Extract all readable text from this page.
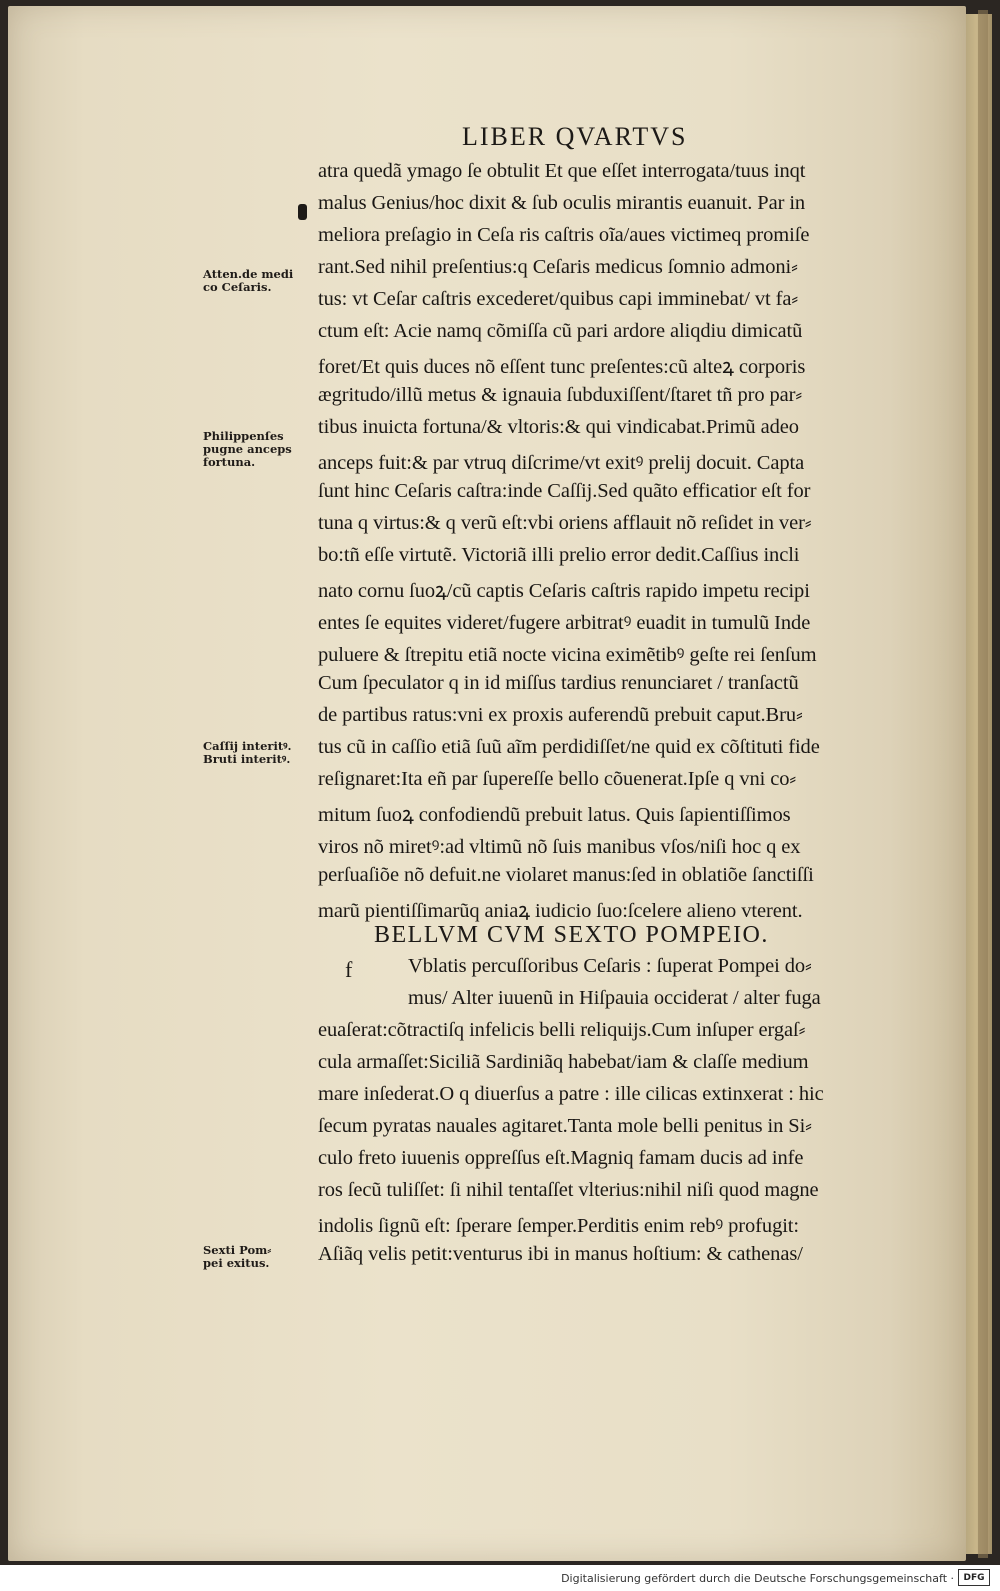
LIBER QVARTVS
atra quedã ymago ſe obtulit Et que eſſet interrogata/tuus inqt
malus Genius/hoc dixit & ſub oculis mirantis euanuit. Par in
meliora preſagio in Ceſa ris caſtris oĩa/aues victimeq promiſe
rant.Sed nihil preſentius:q Ceſaris medicus ſomnio admoni⸗
tus: vt Ceſar caſtris excederet/quibus capi imminebat/ vt fa⸗
ctum eſt: Acie namq cõmiſſa cũ pari ardore aliqdiu dimicatũ
foret/Et quis duces nõ eſſent tunc preſentes:cũ alteꝝ corporis
ægritudo/illũ metus & ignauia ſubduxiſſent/ſtaret tñ pro par⸗
tibus inuicta fortuna/& vltoris:& qui vindicabat.Primũ adeo
anceps fuit:& par vtruq diſcrime/vt exitꝰ prelij docuit. Capta
ſunt hinc Ceſaris caſtra:inde Caſſij.Sed quãto efficatior eſt for
tuna q virtus:& q verũ eſt:vbi oriens afflauit nõ reſidet in ver⸗
bo:tñ eſſe virtutẽ. Victoriã illi prelio error dedit.Caſſius incli
nato cornu ſuoꝝ/cũ captis Ceſaris caſtris rapido impetu recipi
entes ſe equites videret/fugere arbitratꝰ euadit in tumulũ Inde
puluere & ſtrepitu etiã nocte vicina eximẽtibꝰ geſte rei ſenſum
Cum ſpeculator q in id miſſus tardius renunciaret / tranſactũ
de partibus ratus:vni ex proxis auferendũ prebuit caput.Bru⸗
tus cũ in caſſio etiã ſuũ aĩm perdidiſſet/ne quid ex cõſtituti fide
reſignaret:Ita eñ par ſupereſſe bello cõuenerat.Ipſe q vni co⸗
mitum ſuoꝝ confodiendũ prebuit latus. Quis ſapientiſſimos
viros nõ miretꝰ:ad vltimũ nõ ſuis manibus vſos/niſi hoc q ex
perſuaſiõe nõ defuit.ne violaret manus:ſed in oblatiõe ſanctiſſi
marũ pientiſſimarũq aniaꝝ iudicio ſuo:ſcelere alieno vterent.
BELLVM CVM SEXTO POMPEIO.
f	Vblatis percuſſoribus Ceſaris : ſuperat Pompei do⸗
mus/ Alter iuuenũ in Hiſpauia occiderat / alter fuga
euaſerat:cõtractiſq infelicis belli reliquijs.Cum inſuper ergaſ⸗
cula armaſſet:Siciliã Sardiniãq habebat/iam & claſſe medium
mare inſederat.O q diuerſus a patre : ille cilicas extinxerat : hic
ſecum pyratas nauales agitaret.Tanta mole belli penitus in Si⸗
culo freto iuuenis oppreſſus eſt.Magniq famam ducis ad infe
ros ſecũ tuliſſet: ſi nihil tentaſſet vlterius:nihil niſi quod magne
indolis ſignũ eſt: ſperare ſemper.Perditis enim rebꝰ profugit:
Aſiãq velis petit:venturus ibi in manus hoſtium: & cathenas/
Atten.de medi
co Ceſaris.
Philippenſes
pugne anceps
fortuna.
Caſſij interitꝰ.
Bruti interitꝰ.
Sexti Pom⸗
pei exitus.
Digitalisierung gefördert durch die Deutsche Forschungsgemeinschaft ·	DFG
